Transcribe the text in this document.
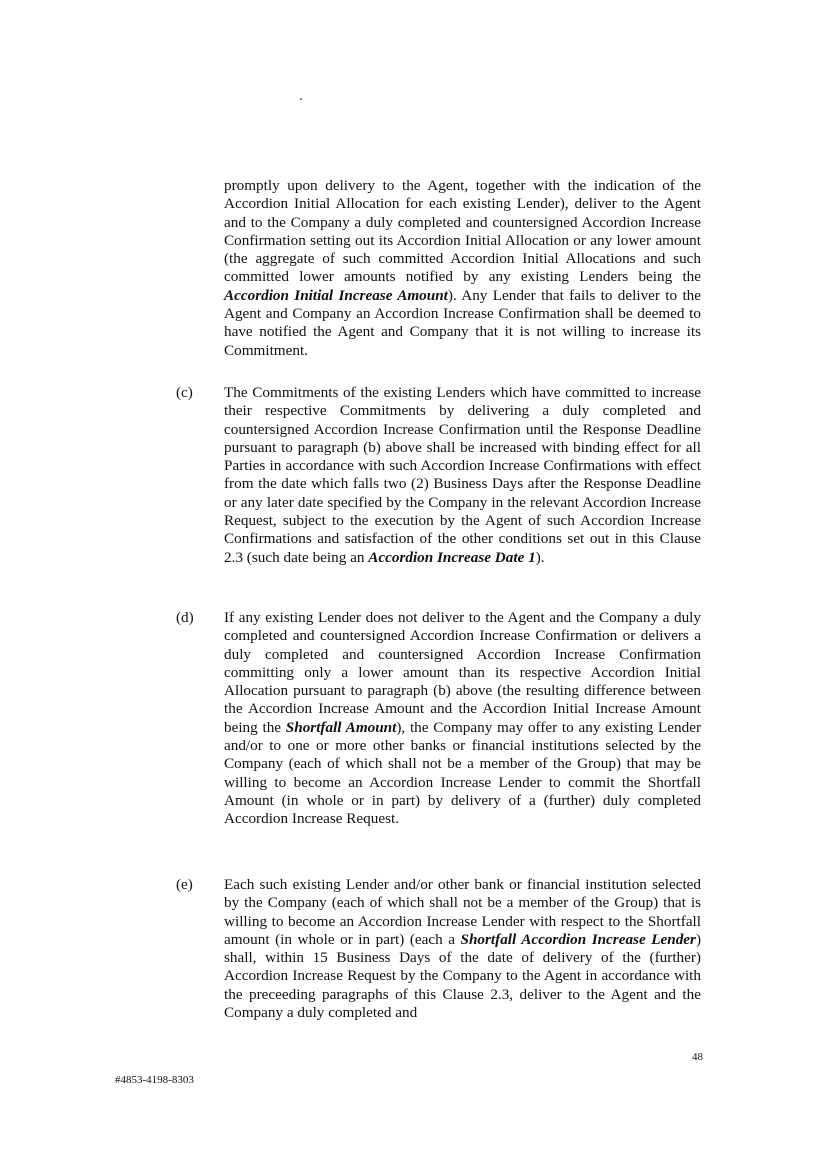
promptly upon delivery to the Agent, together with the indication of the Accordion Initial Allocation for each existing Lender), deliver to the Agent and to the Company a duly completed and countersigned Accordion Increase Confirmation setting out its Accordion Initial Allocation or any lower amount (the aggregate of such committed Accordion Initial Allocations and such committed lower amounts notified by any existing Lenders being the Accordion Initial Increase Amount). Any Lender that fails to deliver to the Agent and Company an Accordion Increase Confirmation shall be deemed to have notified the Agent and Company that it is not willing to increase its Commitment.
(c)	The Commitments of the existing Lenders which have committed to increase their respective Commitments by delivering a duly completed and countersigned Accordion Increase Confirmation until the Response Deadline pursuant to paragraph (b) above shall be increased with binding effect for all Parties in accordance with such Accordion Increase Confirmations with effect from the date which falls two (2) Business Days after the Response Deadline or any later date specified by the Company in the relevant Accordion Increase Request, subject to the execution by the Agent of such Accordion Increase Confirmations and satisfaction of the other conditions set out in this Clause 2.3 (such date being an Accordion Increase Date 1).
(d)	If any existing Lender does not deliver to the Agent and the Company a duly completed and countersigned Accordion Increase Confirmation or delivers a duly completed and countersigned Accordion Increase Confirmation committing only a lower amount than its respective Accordion Initial Allocation pursuant to paragraph (b) above (the resulting difference between the Accordion Increase Amount and the Accordion Initial Increase Amount being the Shortfall Amount), the Company may offer to any existing Lender and/or to one or more other banks or financial institutions selected by the Company (each of which shall not be a member of the Group) that may be willing to become an Accordion Increase Lender to commit the Shortfall Amount (in whole or in part) by delivery of a (further) duly completed Accordion Increase Request.
(e)	Each such existing Lender and/or other bank or financial institution selected by the Company (each of which shall not be a member of the Group) that is willing to become an Accordion Increase Lender with respect to the Shortfall amount (in whole or in part) (each a Shortfall Accordion Increase Lender) shall, within 15 Business Days of the date of delivery of the (further) Accordion Increase Request by the Company to the Agent in accordance with the preceeding paragraphs of this Clause 2.3, deliver to the Agent and the Company a duly completed and
48
#4853-4198-8303
